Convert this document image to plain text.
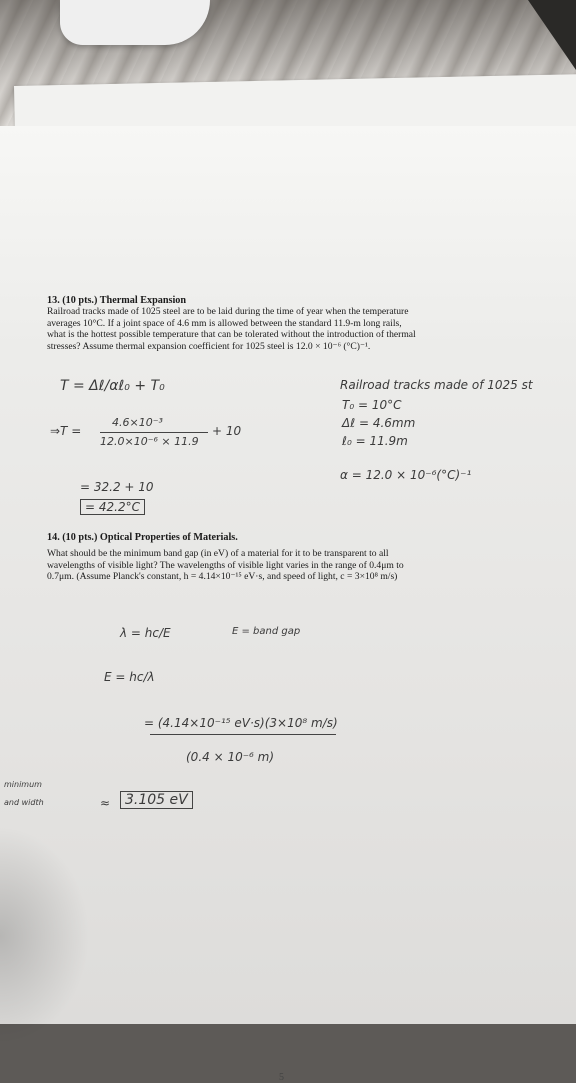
13. (10 pts.) Thermal Expansion

Railroad tracks made of 1025 steel are to be laid during the time of year when the temperature

averages 10°C. If a joint space of 4.6 mm is allowed between the standard 11.9-m long rails,

what is the hottest possible temperature that can be tolerated without the introduction of thermal

stresses? Assume thermal expansion coefficient for 1025 steel is 12.0 × 10⁻⁶ (°C)⁻¹.

T = Δℓ/αℓ₀ + T₀	Railroad tracks made of 1025 st
T₀ = 10°C
Δℓ = 4.6mm
ℓ₀ = 11.9m
α = 12.0 × 10⁻⁶(°C)⁻¹
⇒T =
4.6×10⁻³
12.0×10⁻⁶ × 11.9
+ 10
= 32.2 + 10
= 42.2°C

14. (10 pts.) Optical Properties of Materials.

What should be the minimum band gap (in eV) of a material for it to be transparent to all

wavelengths of visible light? The wavelengths of visible light varies in the range of 0.4μm to

0.7μm. (Assume Planck's constant, h = 4.14×10⁻¹⁵ eV·s, and speed of light, c = 3×10⁸ m/s)

λ = hc/E	E = band gap
E = hc/λ
= (4.14×10⁻¹⁵ eV·s)(3×10⁸ m/s)
(0.4 × 10⁻⁶ m)
minimum
and width	≈	3.105 eV
5
